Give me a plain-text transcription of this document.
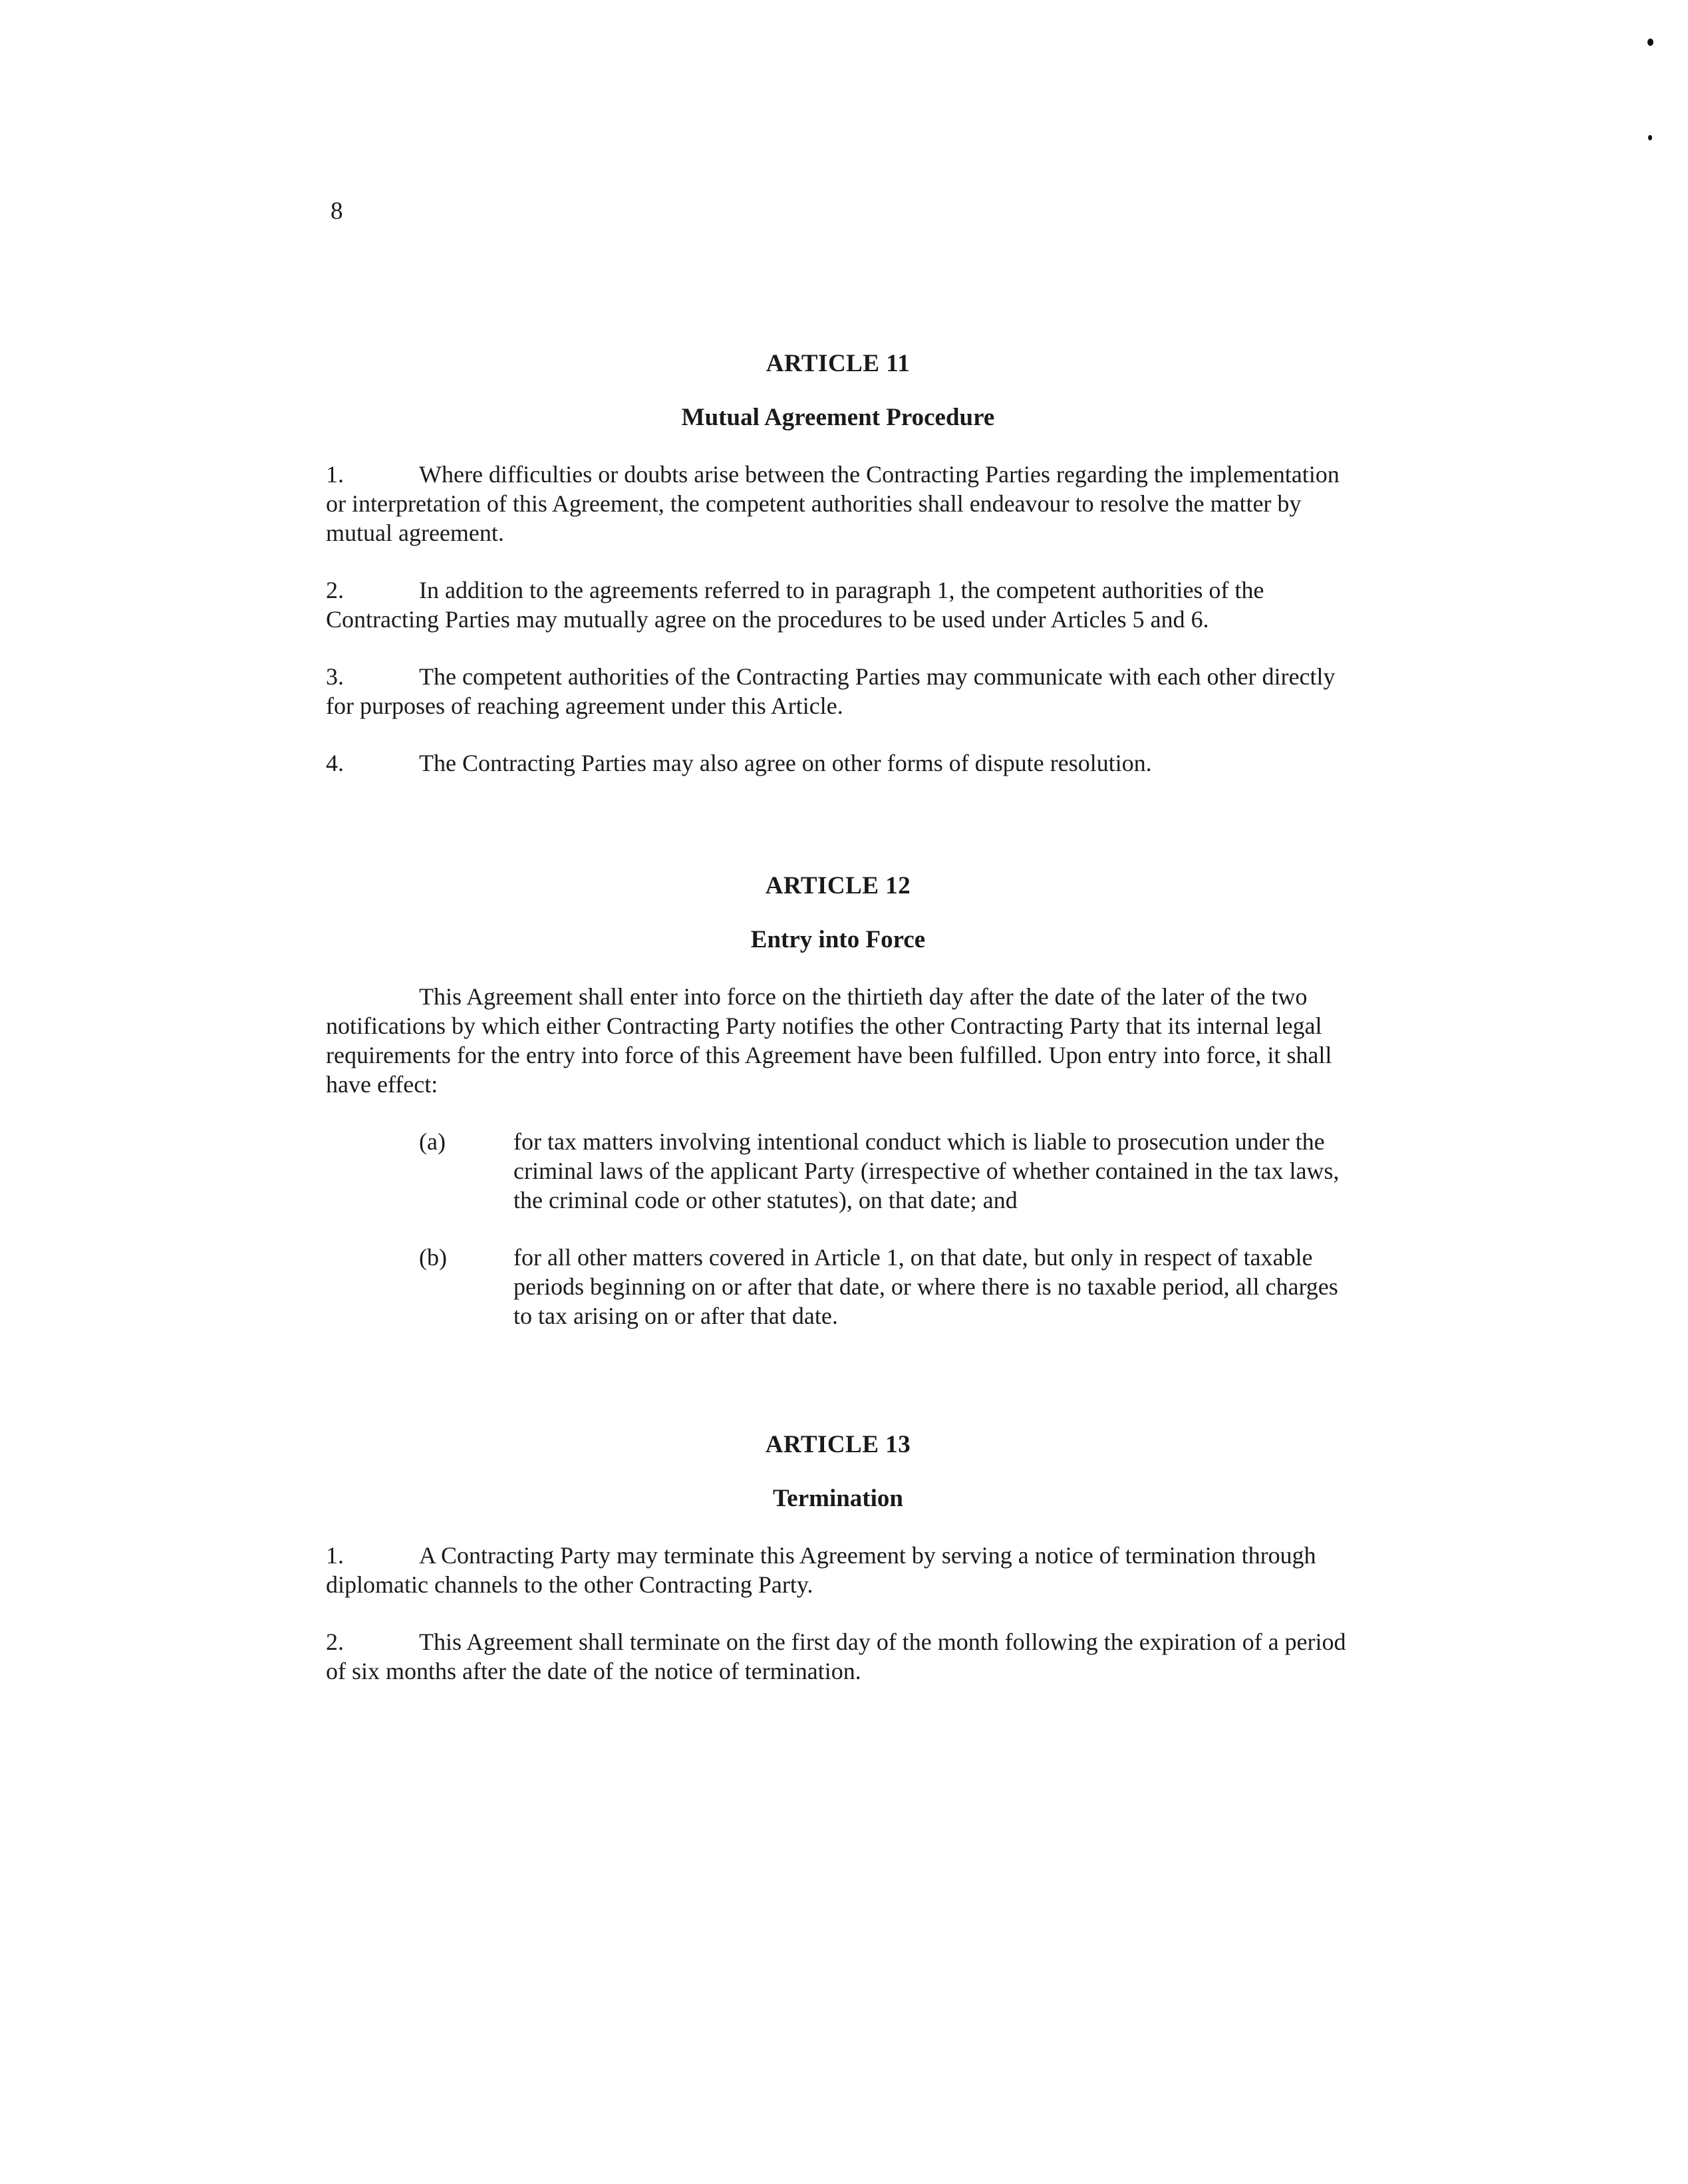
8

ARTICLE 11

Mutual Agreement Procedure

1.	Where difficulties or doubts arise between the Contracting Parties regarding the implementation or interpretation of this Agreement, the competent authorities shall endeavour to resolve the matter by mutual agreement.

2.	In addition to the agreements referred to in paragraph 1, the competent authorities of the Contracting Parties may mutually agree on the procedures to be used under Articles 5 and 6.

3.	The competent authorities of the Contracting Parties may communicate with each other directly for purposes of reaching agreement under this Article.

4.	The Contracting Parties may also agree on other forms of dispute resolution.

ARTICLE 12

Entry into Force

This Agreement shall enter into force on the thirtieth day after the date of the later of the two notifications by which either Contracting Party notifies the other Contracting Party that its internal legal requirements for the entry into force of this Agreement have been fulfilled. Upon entry into force, it shall have effect:

(a)	for tax matters involving intentional conduct which is liable to prosecution under the criminal laws of the applicant Party (irrespective of whether contained in the tax laws, the criminal code or other statutes), on that date; and

(b)	for all other matters covered in Article 1, on that date, but only in respect of taxable periods beginning on or after that date, or where there is no taxable period, all charges to tax arising on or after that date.

ARTICLE 13

Termination

1.	A Contracting Party may terminate this Agreement by serving a notice of termination through diplomatic channels to the other Contracting Party.

2.	This Agreement shall terminate on the first day of the month following the expiration of a period of six months after the date of the notice of termination.
